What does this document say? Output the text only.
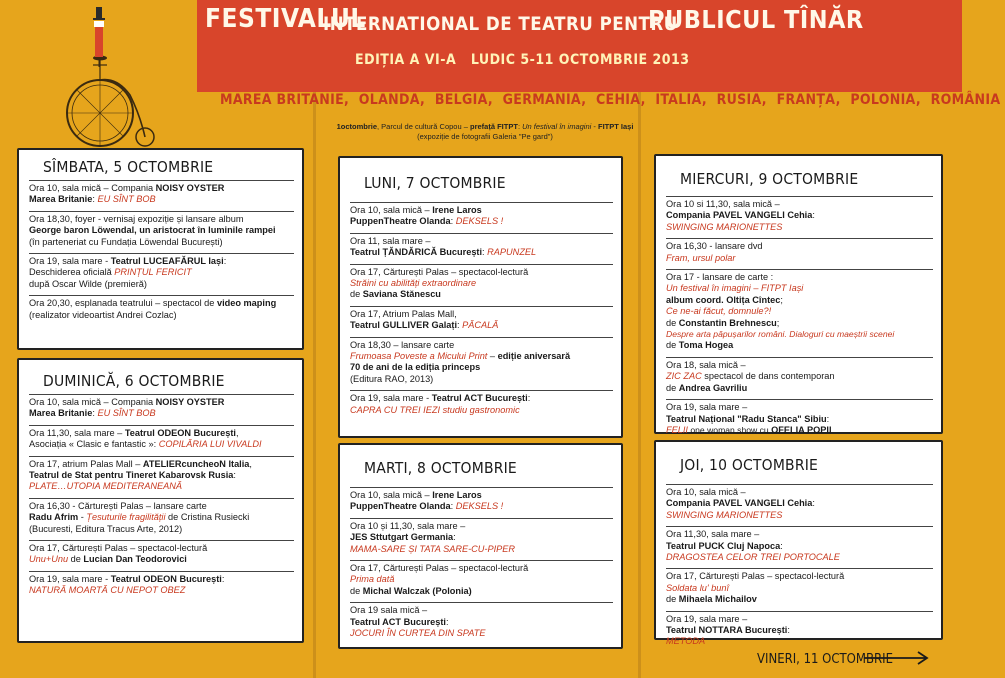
FESTIVALUL
INTERNATIONAL DE TEATRU PENTRU
PUBLICUL TÎNĂR
EDIȚIA A VI-A   LUDIC 5-11 OCTOMBRIE 2013
MAREA BRITANIE, OLANDA, BELGIA, GERMANIA, CEHIA, ITALIA, RUSIA, FRANȚA, POLONIA, ROMÂNIA
1octombrie, Parcul de cultură Copou – prefață FITPT: Un festival în imagini - FITPT Iași
(expoziție de fotografii Galeria "Pe gard")
SÎMBATA, 5 OCTOMBRIE
Ora 10, sala mică – Compania NOISY OYSTER
Marea Britanie: EU SÎNT BOB
Ora 18,30, foyer - vernisaj expoziție și lansare album
George baron Löwendal, un aristocrat în luminile rampei
(în parteneriat cu Fundația Löwendal București)
Ora 19, sala mare - Teatrul LUCEAFĂRUL Iași:
Deschiderea oficială PRINȚUL FERICIT
după Oscar Wilde (premieră)
Ora 20,30, esplanada teatrului – spectacol de video maping
(realizator videoartist Andrei Cozlac)
DUMINICĂ, 6 OCTOMBRIE
Ora 10, sala mică – Compania NOISY OYSTER
Marea Britanie: EU SÎNT BOB
Ora 11,30, sala mare – Teatrul ODEON București,
Asociația « Clasic e fantastic »: COPILĂRIA LUI VIVALDI
Ora 17, atrium Palas Mall – ATELIERcuncheoN Italia,
Teatrul de Stat pentru Tineret Kabarovsk Rusia:
PLATE…UTOPIA MEDITERANEANĂ
Ora 16,30 - Cărturești Palas – lansare carte
Radu Afrim - Țesuturile fragilității de Cristina Rusiecki
(Bucuresti, Editura Tracus Arte, 2012)
Ora 17, Cărturești Palas – spectacol-lectură
Unu+Unu de Lucian Dan Teodorovici
Ora 19, sala mare - Teatrul ODEON București:
NATURĂ MOARTĂ CU NEPOT OBEZ
LUNI, 7 OCTOMBRIE
Ora 10, sala mică – Irene Laros
PuppenTheatre Olanda: DEKSELS !
Ora 11, sala mare –
Teatrul ȚĂNDĂRICĂ București: RAPUNZEL
Ora 17, Cărturești Palas – spectacol-lectură
Străini cu abilități extraordinare
de Saviana Stănescu
Ora 17, Atrium Palas Mall,
Teatrul GULLIVER Galați: PĂCALĂ
Ora 18,30 – lansare carte
Frumoasa Poveste a Micului Print – ediție aniversară
70 de ani de la ediția princeps
(Editura RAO, 2013)
Ora 19, sala mare - Teatrul ACT București:
CAPRA CU TREI IEZI studiu gastronomic
MARTI, 8 OCTOMBRIE
Ora 10, sala mică – Irene Laros
PuppenTheatre Olanda: DEKSELS !
Ora 10 și 11,30, sala mare –
JES Sttutgart Germania:
MAMA-SARE ȘI TATA SARE-CU-PIPER
Ora 17, Cărturești Palas – spectacol-lectură
Prima dată
de Michal Walczak (Polonia)
Ora 19 sala mică –
Teatrul ACT București:
JOCURI ÎN CURTEA DIN SPATE
MIERCURI, 9 OCTOMBRIE
Ora 10 si 11,30, sala mică –
Compania PAVEL VANGELI Cehia:
SWINGING MARIONETTES
Ora 16,30 - lansare dvd
Fram, ursul polar
Ora 17 - lansare de carte :
Un festival în imagini – FITPT Iași
album coord. Oltița Cîntec;
Ce ne-ai făcut, domnule?!
de Constantin Brehnescu;
Despre arta păpușarilor români. Dialoguri cu maeștrii scenei
de Toma Hogea
Ora 18, sala mică –
ZIC ZAC spectacol de dans contemporan
de Andrea Gavriliu
Ora 19, sala mare –
Teatrul Național "Radu Stanca" Sibiu:
FELII one woman show cu OFELIA POPII
JOI, 10 OCTOMBRIE
Ora 10, sala mică –
Compania PAVEL VANGELI Cehia:
SWINGING MARIONETTES
Ora 11,30, sala mare –
Teatrul PUCK Cluj Napoca:
DRAGOSTEA CELOR TREI PORTOCALE
Ora 17, Cărturești Palas – spectacol-lectură
Soldata lu' bunî
de Mihaela Michailov
Ora 19, sala mare –
Teatrul NOTTARA București:
METODA
VINERI, 11 OCTOMBRIE
